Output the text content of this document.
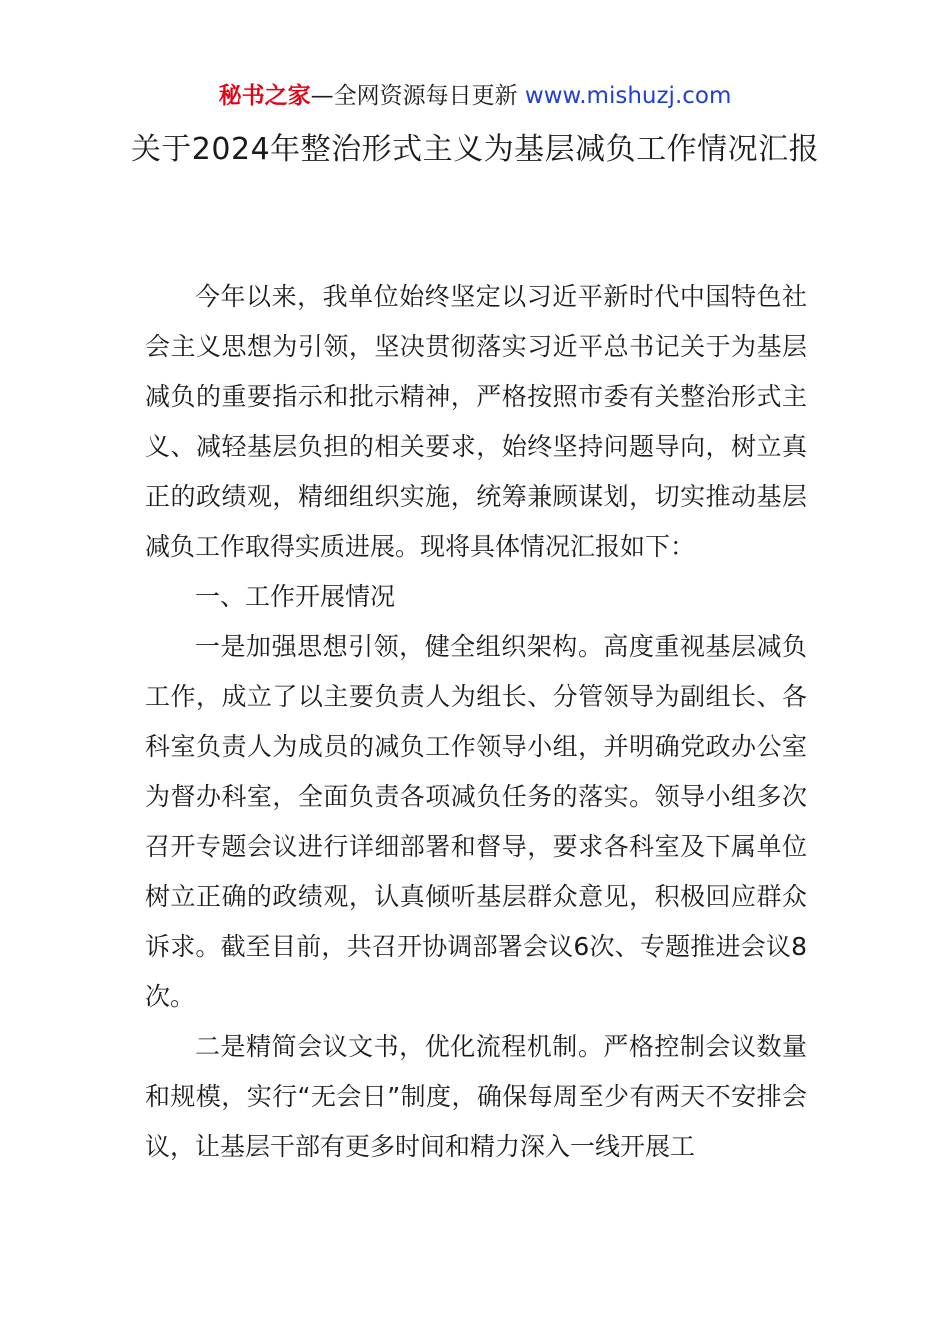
秘书之家—全网资源每日更新 www.mishuzj.com
关于2024年整治形式主义为基层减负工作情况汇报

今年以来，我单位始终坚定以习近平新时代中国特色社会主义思想为引领，坚决贯彻落实习近平总书记关于为基层减负的重要指示和批示精神，严格按照市委有关整治形式主义、减轻基层负担的相关要求，始终坚持问题导向，树立真正的政绩观，精细组织实施，统筹兼顾谋划，切实推动基层减负工作取得实质进展。现将具体情况汇报如下：

一、工作开展情况

一是加强思想引领，健全组织架构。高度重视基层减负工作，成立了以主要负责人为组长、分管领导为副组长、各科室负责人为成员的减负工作领导小组，并明确党政办公室为督办科室，全面负责各项减负任务的落实。领导小组多次召开专题会议进行详细部署和督导，要求各科室及下属单位树立正确的政绩观，认真倾听基层群众意见，积极回应群众诉求。截至目前，共召开协调部署会议6次、专题推进会议8次。

二是精简会议文书，优化流程机制。严格控制会议数量和规模，实行“无会日”制度，确保每周至少有两天不安排会议，让基层干部有更多时间和精力深入一线开展工
